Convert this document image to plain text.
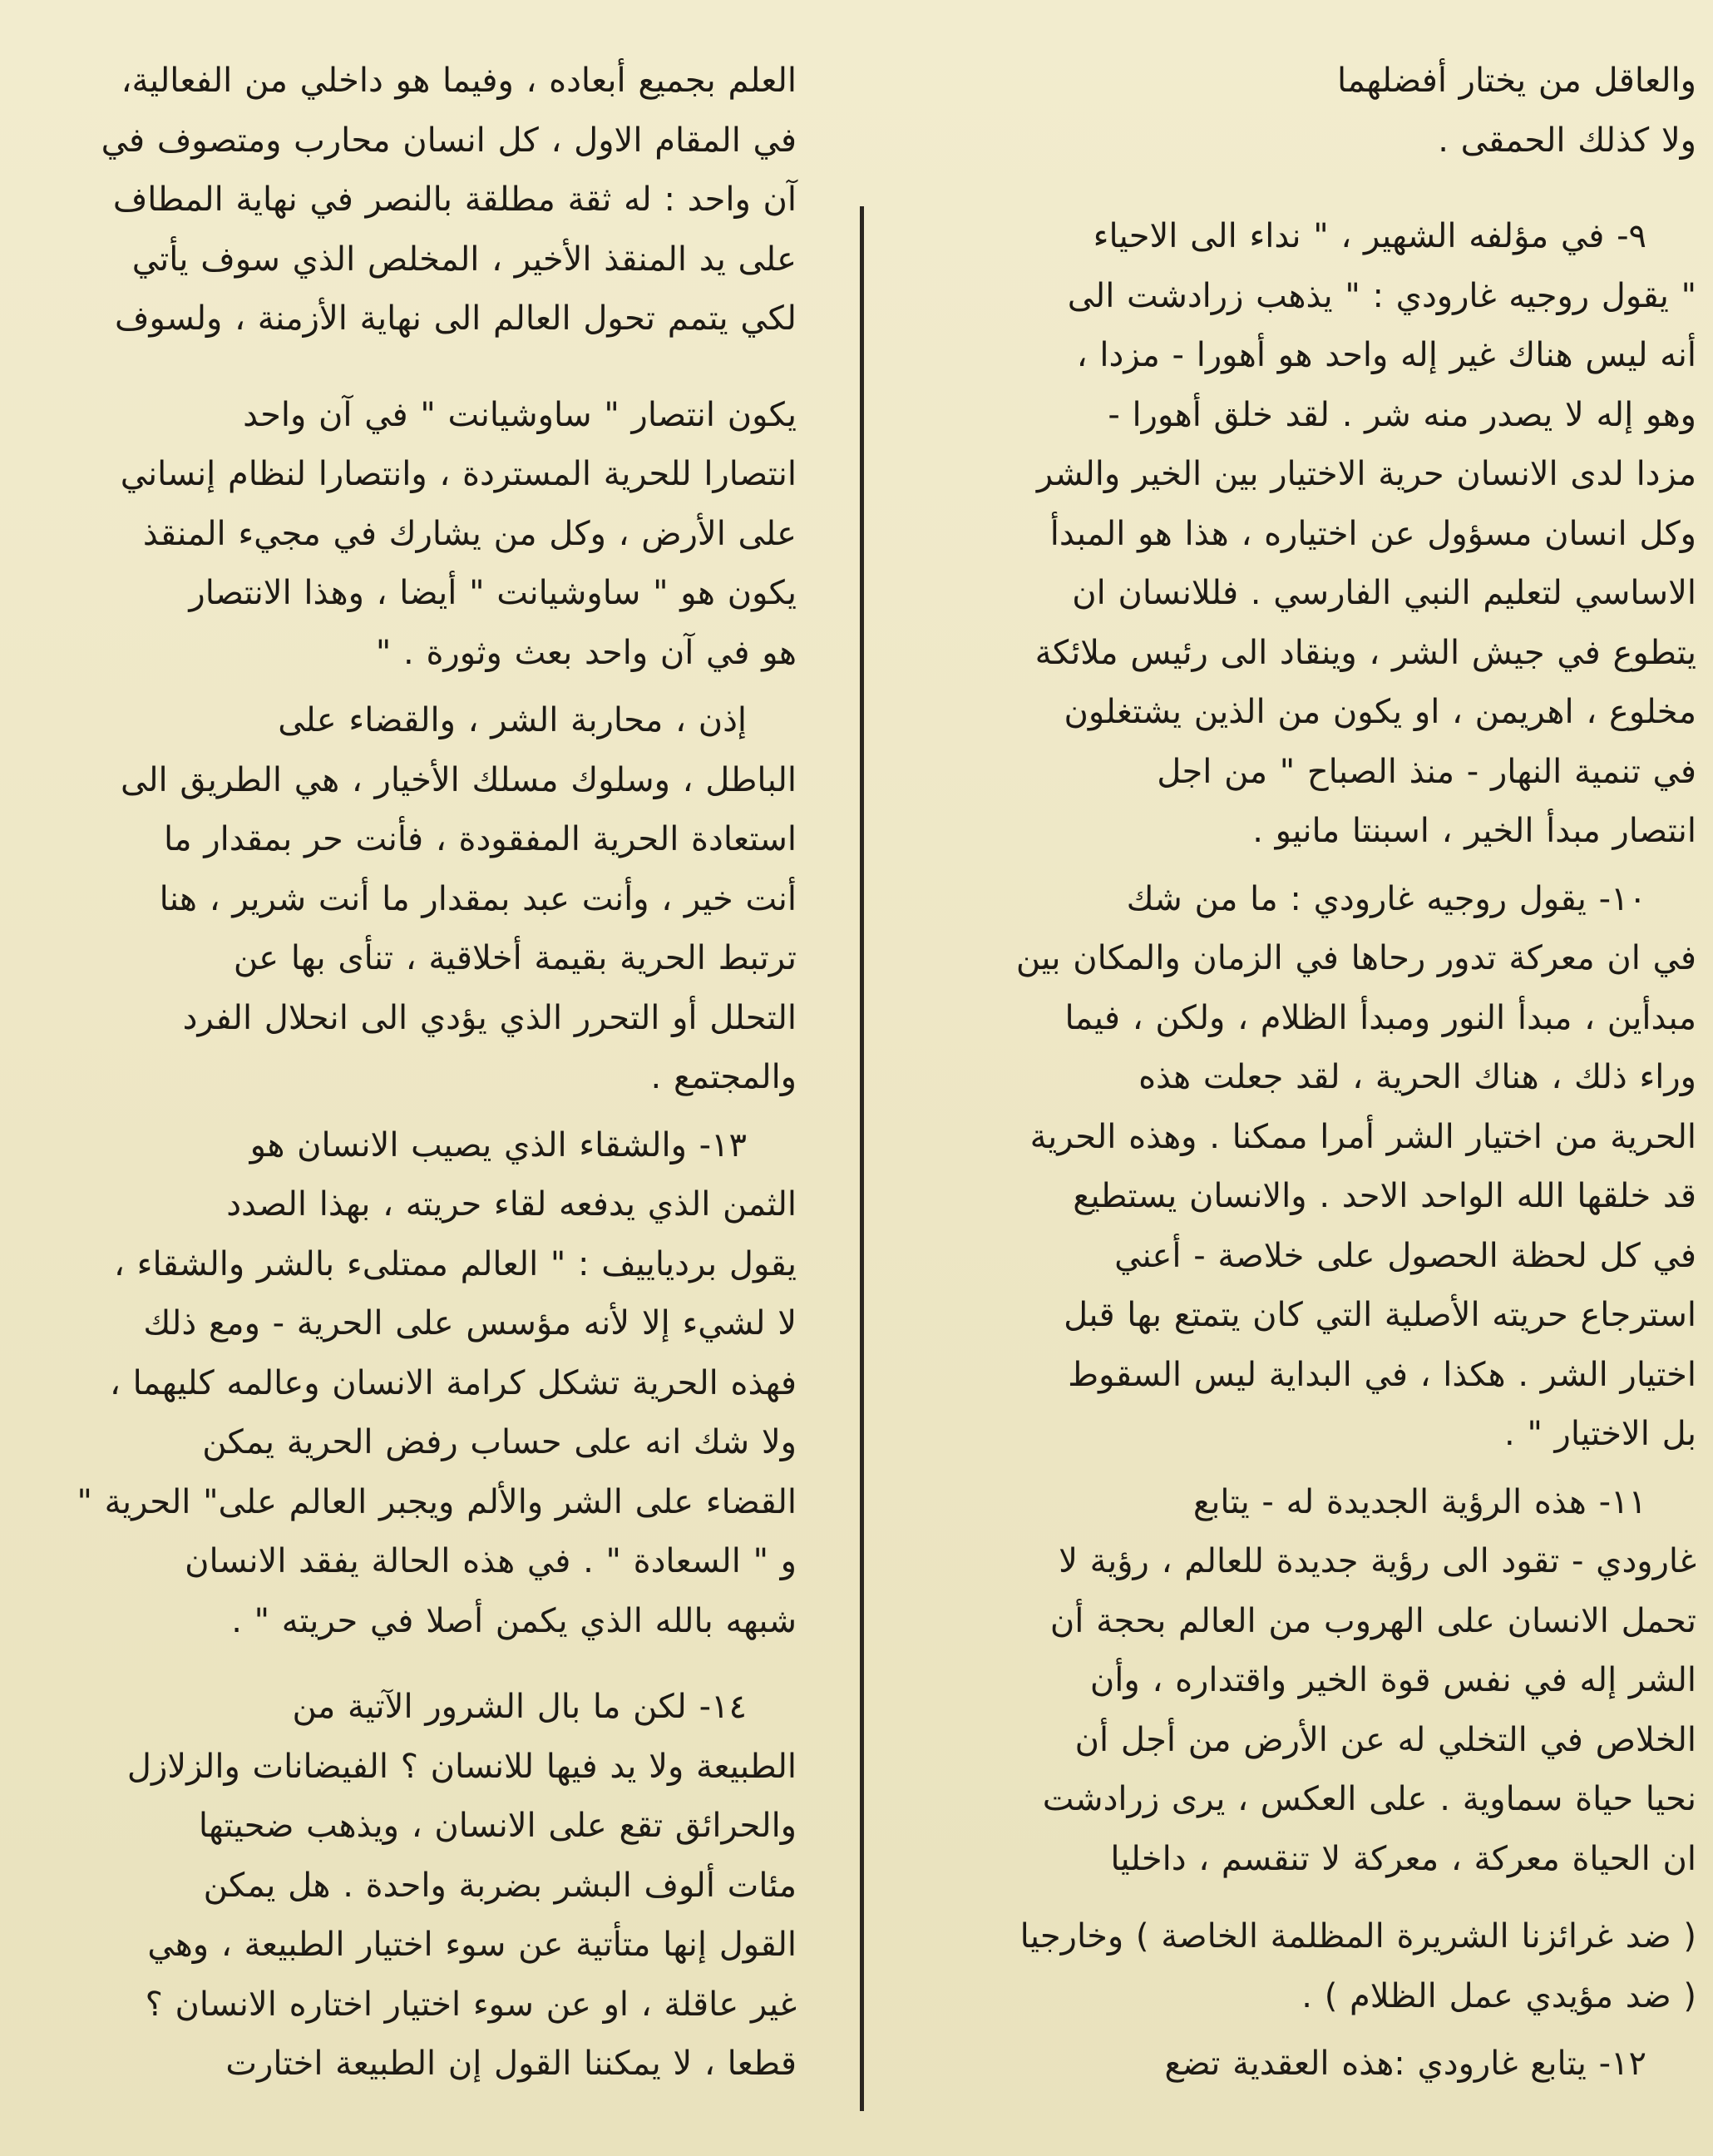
والعاقل من يختار أفضلهما

ولا كذلك الحمقى .

٩- في مؤلفه الشهير ، " نداء الى الاحياء

" يقول روجيه غارودي : " يذهب زرادشت الى

أنه ليس هناك غير إله واحد هو أهورا - مزدا ،

وهو إله لا يصدر منه شر . لقد خلق أهورا -

مزدا لدى الانسان حرية الاختيار بين الخير والشر

وكل انسان مسؤول عن اختياره ، هذا هو المبدأ

الاساسي لتعليم النبي الفارسي . فللانسان ان

يتطوع في جيش الشر ، وينقاد الى رئيس ملائكة

مخلوع ، اهريمن ، او يكون من الذين يشتغلون

في تنمية النهار - منذ الصباح " من اجل

انتصار مبدأ الخير ، اسبنتا مانيو .

١٠- يقول روجيه غارودي : ما من شك

في ان معركة تدور رحاها في الزمان والمكان بين

مبدأين ، مبدأ النور ومبدأ الظلام ، ولكن ، فيما

وراء ذلك ، هناك الحرية ، لقد جعلت هذه

الحرية من اختيار الشر أمرا ممكنا . وهذه الحرية

قد خلقها الله الواحد الاحد . والانسان يستطيع

في كل لحظة الحصول على خلاصة - أعني

استرجاع حريته الأصلية التي كان يتمتع بها قبل

اختيار الشر . هكذا ، في البداية ليس السقوط

بل الاختيار " .

١١- هذه الرؤية الجديدة له - يتابع

غارودي - تقود الى رؤية جديدة للعالم ، رؤية لا

تحمل الانسان على الهروب من العالم بحجة أن

الشر إله في نفس قوة الخير واقتداره ، وأن

الخلاص في التخلي له عن الأرض من أجل أن

نحيا حياة سماوية . على العكس ، يرى زرادشت

ان الحياة معركة ، معركة لا تنقسم ، داخليا

( ضد غرائزنا الشريرة المظلمة الخاصة ) وخارجيا

( ضد مؤيدي عمل الظلام ) .

١٢- يتابع غارودي :هذه العقدية تضع

العلم بجميع أبعاده ، وفيما هو داخلي من الفعالية،

في المقام الاول ، كل انسان محارب ومتصوف في

آن واحد : له ثقة مطلقة بالنصر في نهاية المطاف

على يد المنقذ الأخير ، المخلص الذي سوف يأتي

لكي يتمم تحول العالم الى نهاية الأزمنة ، ولسوف

يكون انتصار " ساوشيانت " في آن واحد

انتصارا للحرية المستردة ، وانتصارا لنظام إنساني

على الأرض ، وكل من يشارك في مجيء المنقذ

يكون هو " ساوشيانت " أيضا ، وهذا الانتصار

هو في آن واحد بعث وثورة . "

إذن ، محاربة الشر ، والقضاء على

الباطل ، وسلوك مسلك الأخيار ، هي الطريق الى

استعادة الحرية المفقودة ، فأنت حر بمقدار ما

أنت خير ، وأنت عبد بمقدار ما أنت شرير ، هنا

ترتبط الحرية بقيمة أخلاقية ، تنأى بها عن

التحلل أو التحرر الذي يؤدي الى انحلال الفرد

والمجتمع .

١٣- والشقاء الذي يصيب الانسان هو

الثمن الذي يدفعه لقاء حريته ، بهذا الصدد

يقول بردياييف : " العالم ممتلىء بالشر والشقاء ،

لا لشيء إلا لأنه مؤسس على الحرية - ومع ذلك

فهذه الحرية تشكل كرامة الانسان وعالمه كليهما ،

ولا شك انه على حساب رفض الحرية يمكن

القضاء على الشر والألم ويجبر العالم على" الحرية "

و " السعادة " . في هذه الحالة يفقد الانسان

شبهه بالله الذي يكمن أصلا في حريته " .

١٤- لكن ما بال الشرور الآتية من

الطبيعة ولا يد فيها للانسان ؟ الفيضانات والزلازل

والحرائق تقع على الانسان ، ويذهب ضحيتها

مئات ألوف البشر بضربة واحدة . هل يمكن

القول إنها متأتية عن سوء اختيار الطبيعة ، وهي

غير عاقلة ، او عن سوء اختيار اختاره الانسان ؟

قطعا ، لا يمكننا القول إن الطبيعة اختارت
